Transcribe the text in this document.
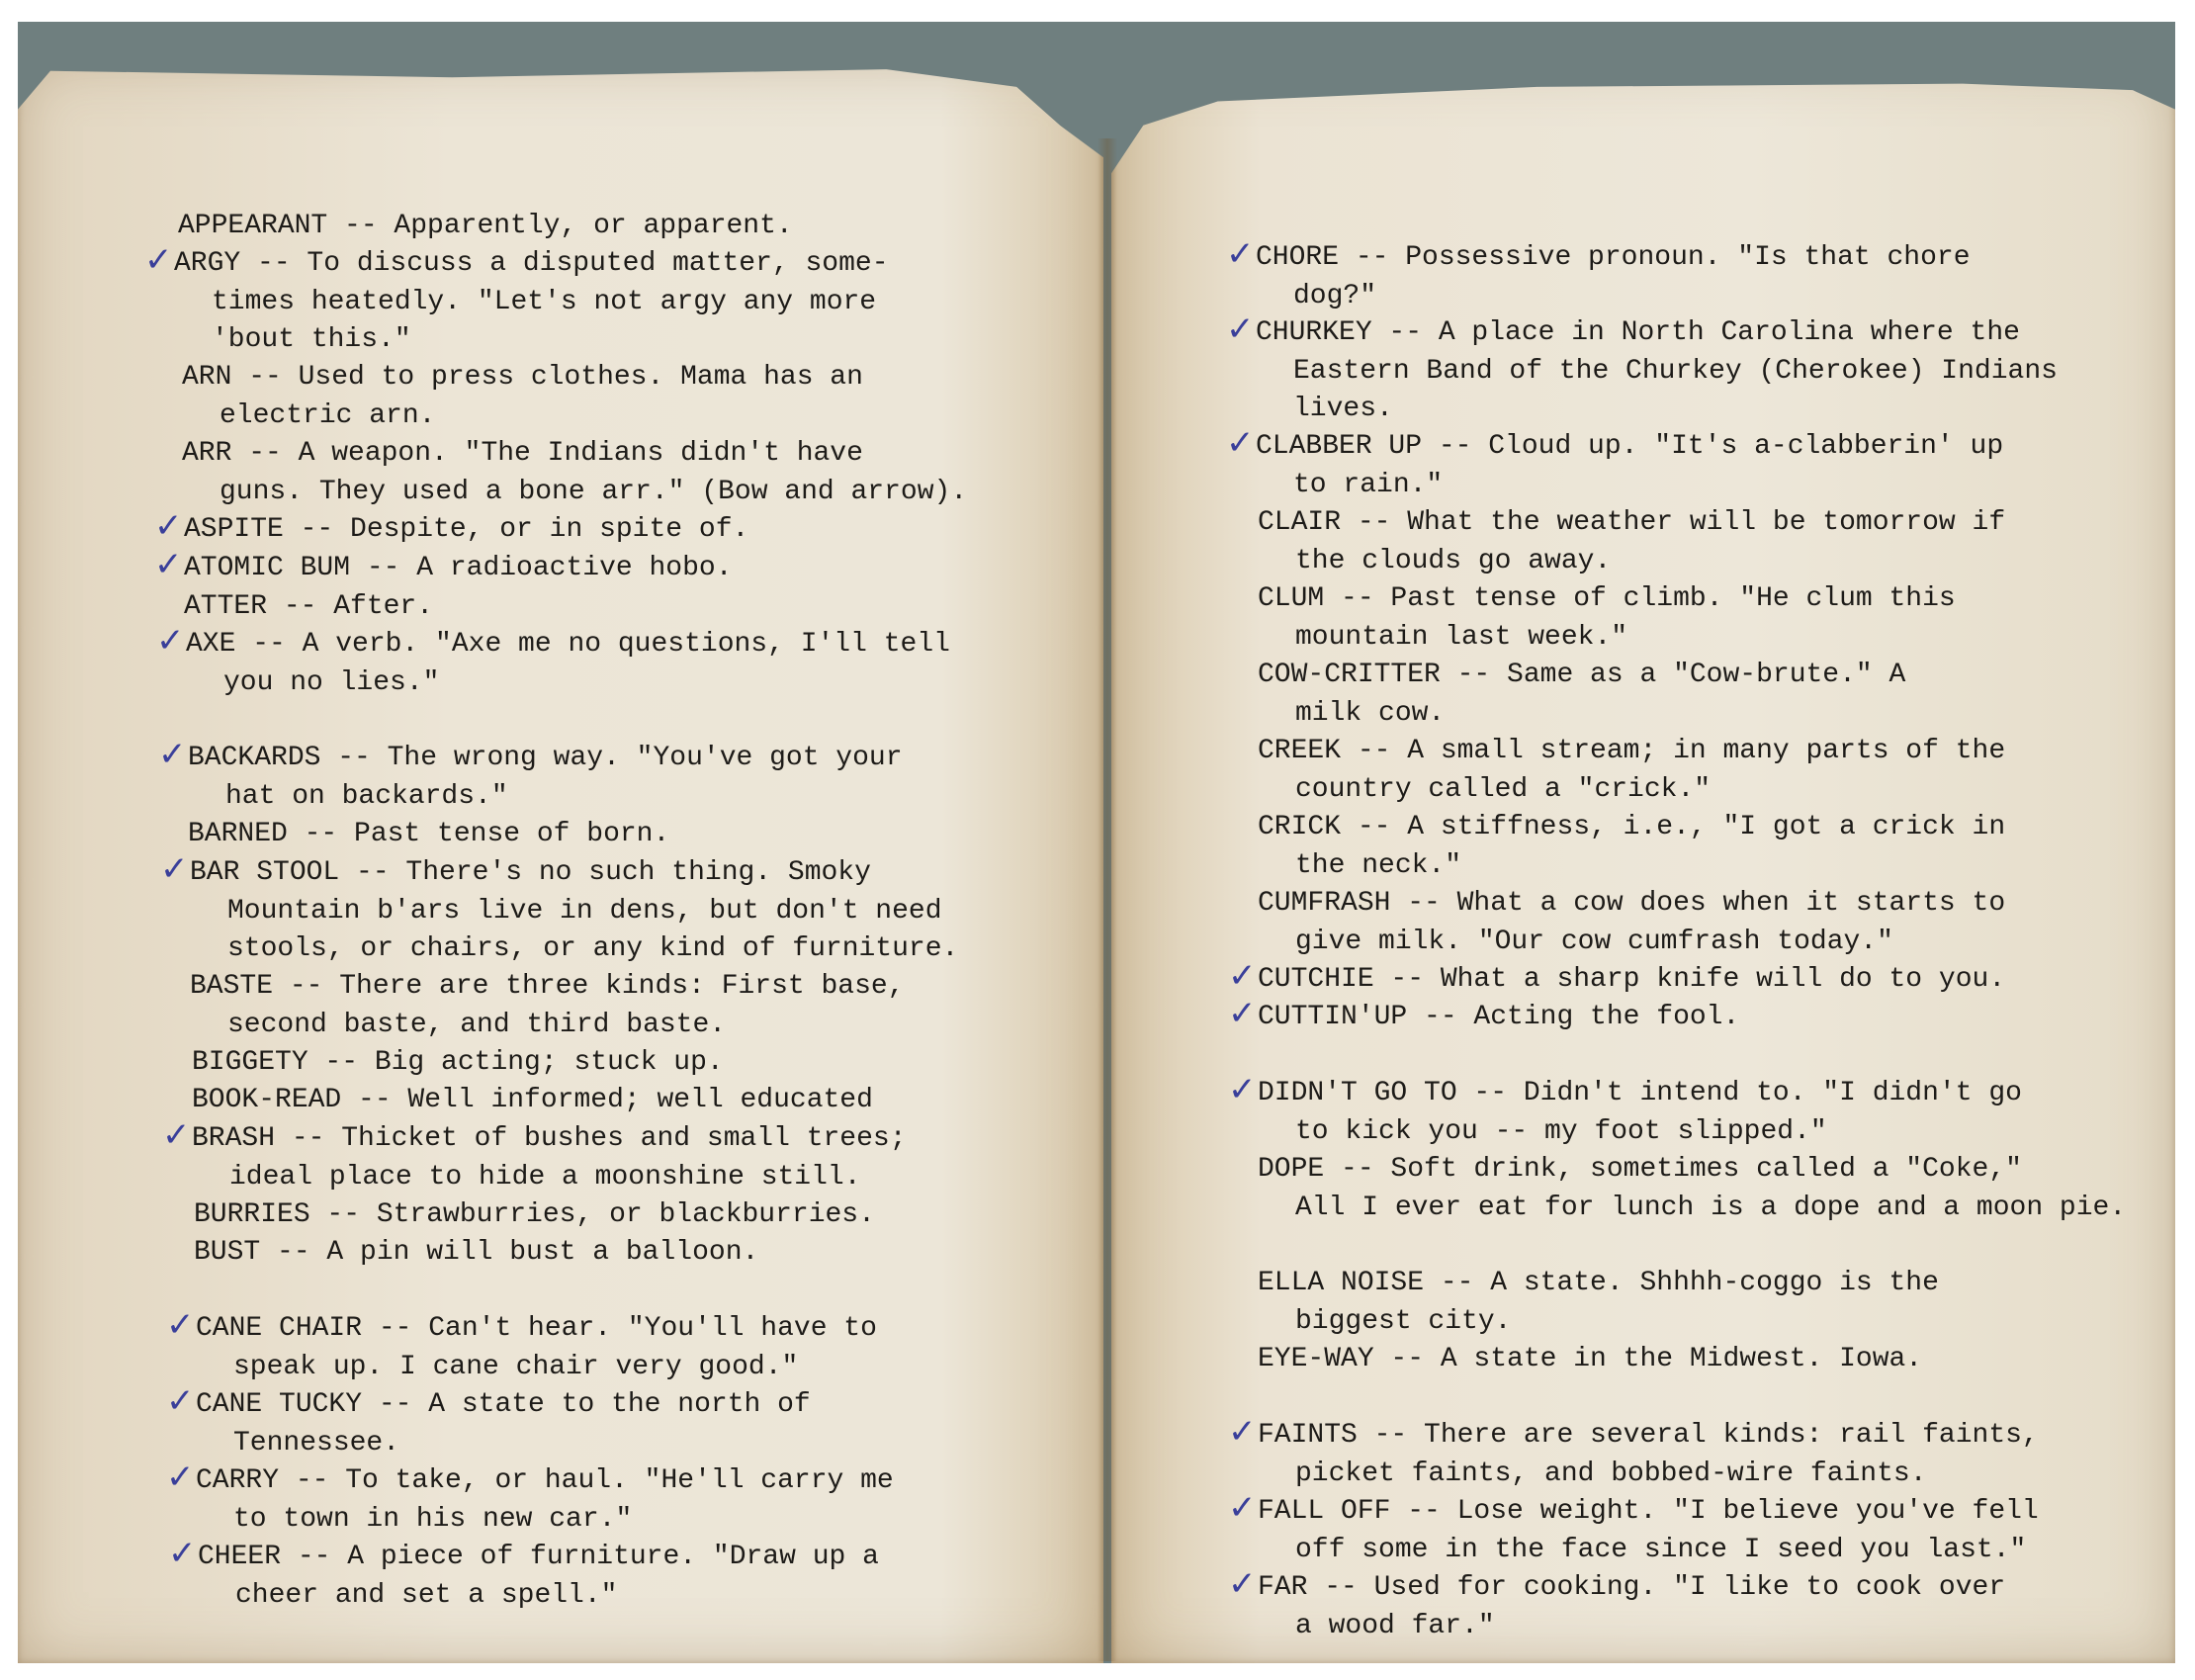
APPEARANT -- Apparently, or apparent.

ARGY -- To discuss a disputed matter, some-

times heatedly. "Let's not argy any more
'bout this."

✓

ARN -- Used to press clothes. Mama has an

electric arn.

ARR -- A weapon. "The Indians didn't have

guns. They used a bone arr." (Bow and arrow).

ASPITE -- Despite, or in spite of.

✓

ATOMIC BUM -- A radioactive hobo.

✓

ATTER -- After.

AXE -- A verb. "Axe me no questions, I'll tell

you no lies."

✓

BACKARDS -- The wrong way. "You've got your

hat on backards."

✓

BARNED -- Past tense of born.

BAR STOOL -- There's no such thing. Smoky

Mountain b'ars live in dens, but don't need
stools, or chairs, or any kind of furniture.

✓

BASTE -- There are three kinds: First base,

second baste, and third baste.

BIGGETY -- Big acting; stuck up.

BOOK-READ -- Well informed; well educated

BRASH -- Thicket of bushes and small trees;

ideal place to hide a moonshine still.

✓

BURRIES -- Strawburries, or blackburries.

BUST -- A pin will bust a balloon.

CANE CHAIR -- Can't hear. "You'll have to

speak up. I cane chair very good."

✓

CANE TUCKY -- A state to the north of

Tennessee.

✓

CARRY -- To take, or haul. "He'll carry me

to town in his new car."

✓

CHEER -- A piece of furniture. "Draw up a

cheer and set a spell."

✓

CHORE -- Possessive pronoun. "Is that chore

dog?"

✓

CHURKEY -- A place in North Carolina where the

Eastern Band of the Churkey (Cherokee) Indians
lives.

✓

CLABBER UP -- Cloud up. "It's a-clabberin' up

to rain."

✓

CLAIR -- What the weather will be tomorrow if

the clouds go away.

CLUM -- Past tense of climb. "He clum this

mountain last week."

COW-CRITTER -- Same as a "Cow-brute." A

milk cow.

CREEK -- A small stream; in many parts of the

country called a "crick."

CRICK -- A stiffness, i.e., "I got a crick in

the neck."

CUMFRASH -- What a cow does when it starts to

give milk. "Our cow cumfrash today."

CUTCHIE -- What a sharp knife will do to you.

✓

CUTTIN'UP -- Acting the fool.

✓

DIDN'T GO TO -- Didn't intend to. "I didn't go

to kick you -- my foot slipped."

✓

DOPE -- Soft drink, sometimes called a "Coke,"

All I ever eat for lunch is a dope and a moon pie.

ELLA NOISE -- A state. Shhhh-coggo is the

biggest city.

EYE-WAY -- A state in the Midwest. Iowa.

FAINTS -- There are several kinds: rail faints,

picket faints, and bobbed-wire faints.

✓

FALL OFF -- Lose weight. "I believe you've fell

off some in the face since I seed you last."

✓

FAR -- Used for cooking. "I like to cook over

a wood far."

✓
